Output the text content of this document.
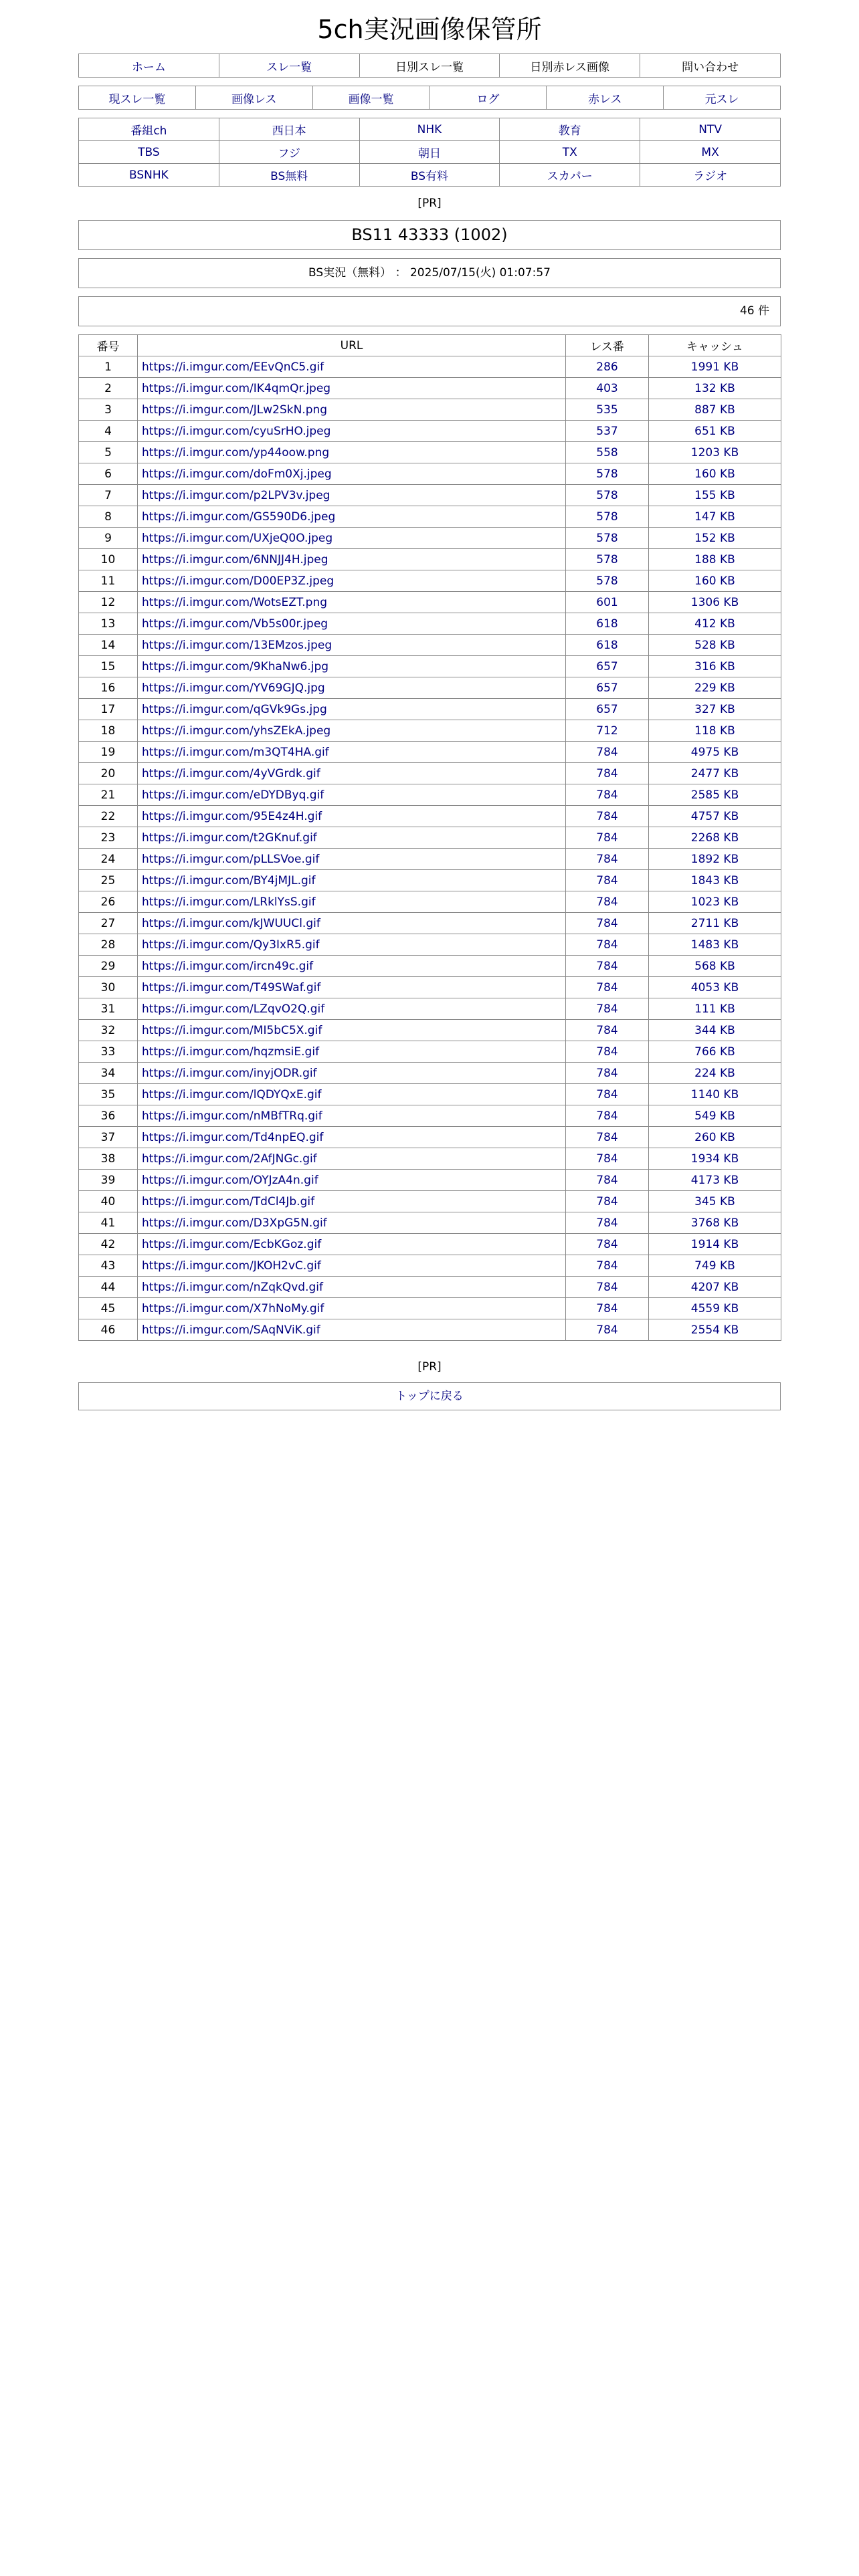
5ch実況画像保管所
ホーム	スレ一覧	日別スレ一覧	日別赤レス画像	問い合わせ
現スレ一覧	画像レス	画像一覧	ログ	赤レス	元スレ
番組ch	西日本	NHK	教育	NTV
TBS	フジ	朝日	TX	MX
BSNHK	BS無料	BS有料	スカパー	ラジオ
[PR]
BS11 43333 (1002)
BS実況（無料） ： 2025/07/15(火) 01:07:57
46 件
番号	URL	レス番	キャッシュ
1	https://i.imgur.com/EEvQnC5.gif	286	1991 KB
2	https://i.imgur.com/IK4qmQr.jpeg	403	132 KB
3	https://i.imgur.com/JLw2SkN.png	535	887 KB
4	https://i.imgur.com/cyuSrHO.jpeg	537	651 KB
5	https://i.imgur.com/yp44oow.png	558	1203 KB
6	https://i.imgur.com/doFm0Xj.jpeg	578	160 KB
7	https://i.imgur.com/p2LPV3v.jpeg	578	155 KB
8	https://i.imgur.com/GS590D6.jpeg	578	147 KB
9	https://i.imgur.com/UXjeQ0O.jpeg	578	152 KB
10	https://i.imgur.com/6NNJJ4H.jpeg	578	188 KB
11	https://i.imgur.com/D00EP3Z.jpeg	578	160 KB
12	https://i.imgur.com/WotsEZT.png	601	1306 KB
13	https://i.imgur.com/Vb5s00r.jpeg	618	412 KB
14	https://i.imgur.com/13EMzos.jpeg	618	528 KB
15	https://i.imgur.com/9KhaNw6.jpg	657	316 KB
16	https://i.imgur.com/YV69GJQ.jpg	657	229 KB
17	https://i.imgur.com/qGVk9Gs.jpg	657	327 KB
18	https://i.imgur.com/yhsZEkA.jpeg	712	118 KB
19	https://i.imgur.com/m3QT4HA.gif	784	4975 KB
20	https://i.imgur.com/4yVGrdk.gif	784	2477 KB
21	https://i.imgur.com/eDYDByq.gif	784	2585 KB
22	https://i.imgur.com/95E4z4H.gif	784	4757 KB
23	https://i.imgur.com/t2GKnuf.gif	784	2268 KB
24	https://i.imgur.com/pLLSVoe.gif	784	1892 KB
25	https://i.imgur.com/BY4jMJL.gif	784	1843 KB
26	https://i.imgur.com/LRklYsS.gif	784	1023 KB
27	https://i.imgur.com/kJWUUCl.gif	784	2711 KB
28	https://i.imgur.com/Qy3IxR5.gif	784	1483 KB
29	https://i.imgur.com/ircn49c.gif	784	568 KB
30	https://i.imgur.com/T49SWaf.gif	784	4053 KB
31	https://i.imgur.com/LZqvO2Q.gif	784	111 KB
32	https://i.imgur.com/MI5bC5X.gif	784	344 KB
33	https://i.imgur.com/hqzmsiE.gif	784	766 KB
34	https://i.imgur.com/inyjODR.gif	784	224 KB
35	https://i.imgur.com/lQDYQxE.gif	784	1140 KB
36	https://i.imgur.com/nMBfTRq.gif	784	549 KB
37	https://i.imgur.com/Td4npEQ.gif	784	260 KB
38	https://i.imgur.com/2AfJNGc.gif	784	1934 KB
39	https://i.imgur.com/OYJzA4n.gif	784	4173 KB
40	https://i.imgur.com/TdCl4Jb.gif	784	345 KB
41	https://i.imgur.com/D3XpG5N.gif	784	3768 KB
42	https://i.imgur.com/EcbKGoz.gif	784	1914 KB
43	https://i.imgur.com/JKOH2vC.gif	784	749 KB
44	https://i.imgur.com/nZqkQvd.gif	784	4207 KB
45	https://i.imgur.com/X7hNoMy.gif	784	4559 KB
46	https://i.imgur.com/SAqNViK.gif	784	2554 KB
[PR]
トップに戻る
